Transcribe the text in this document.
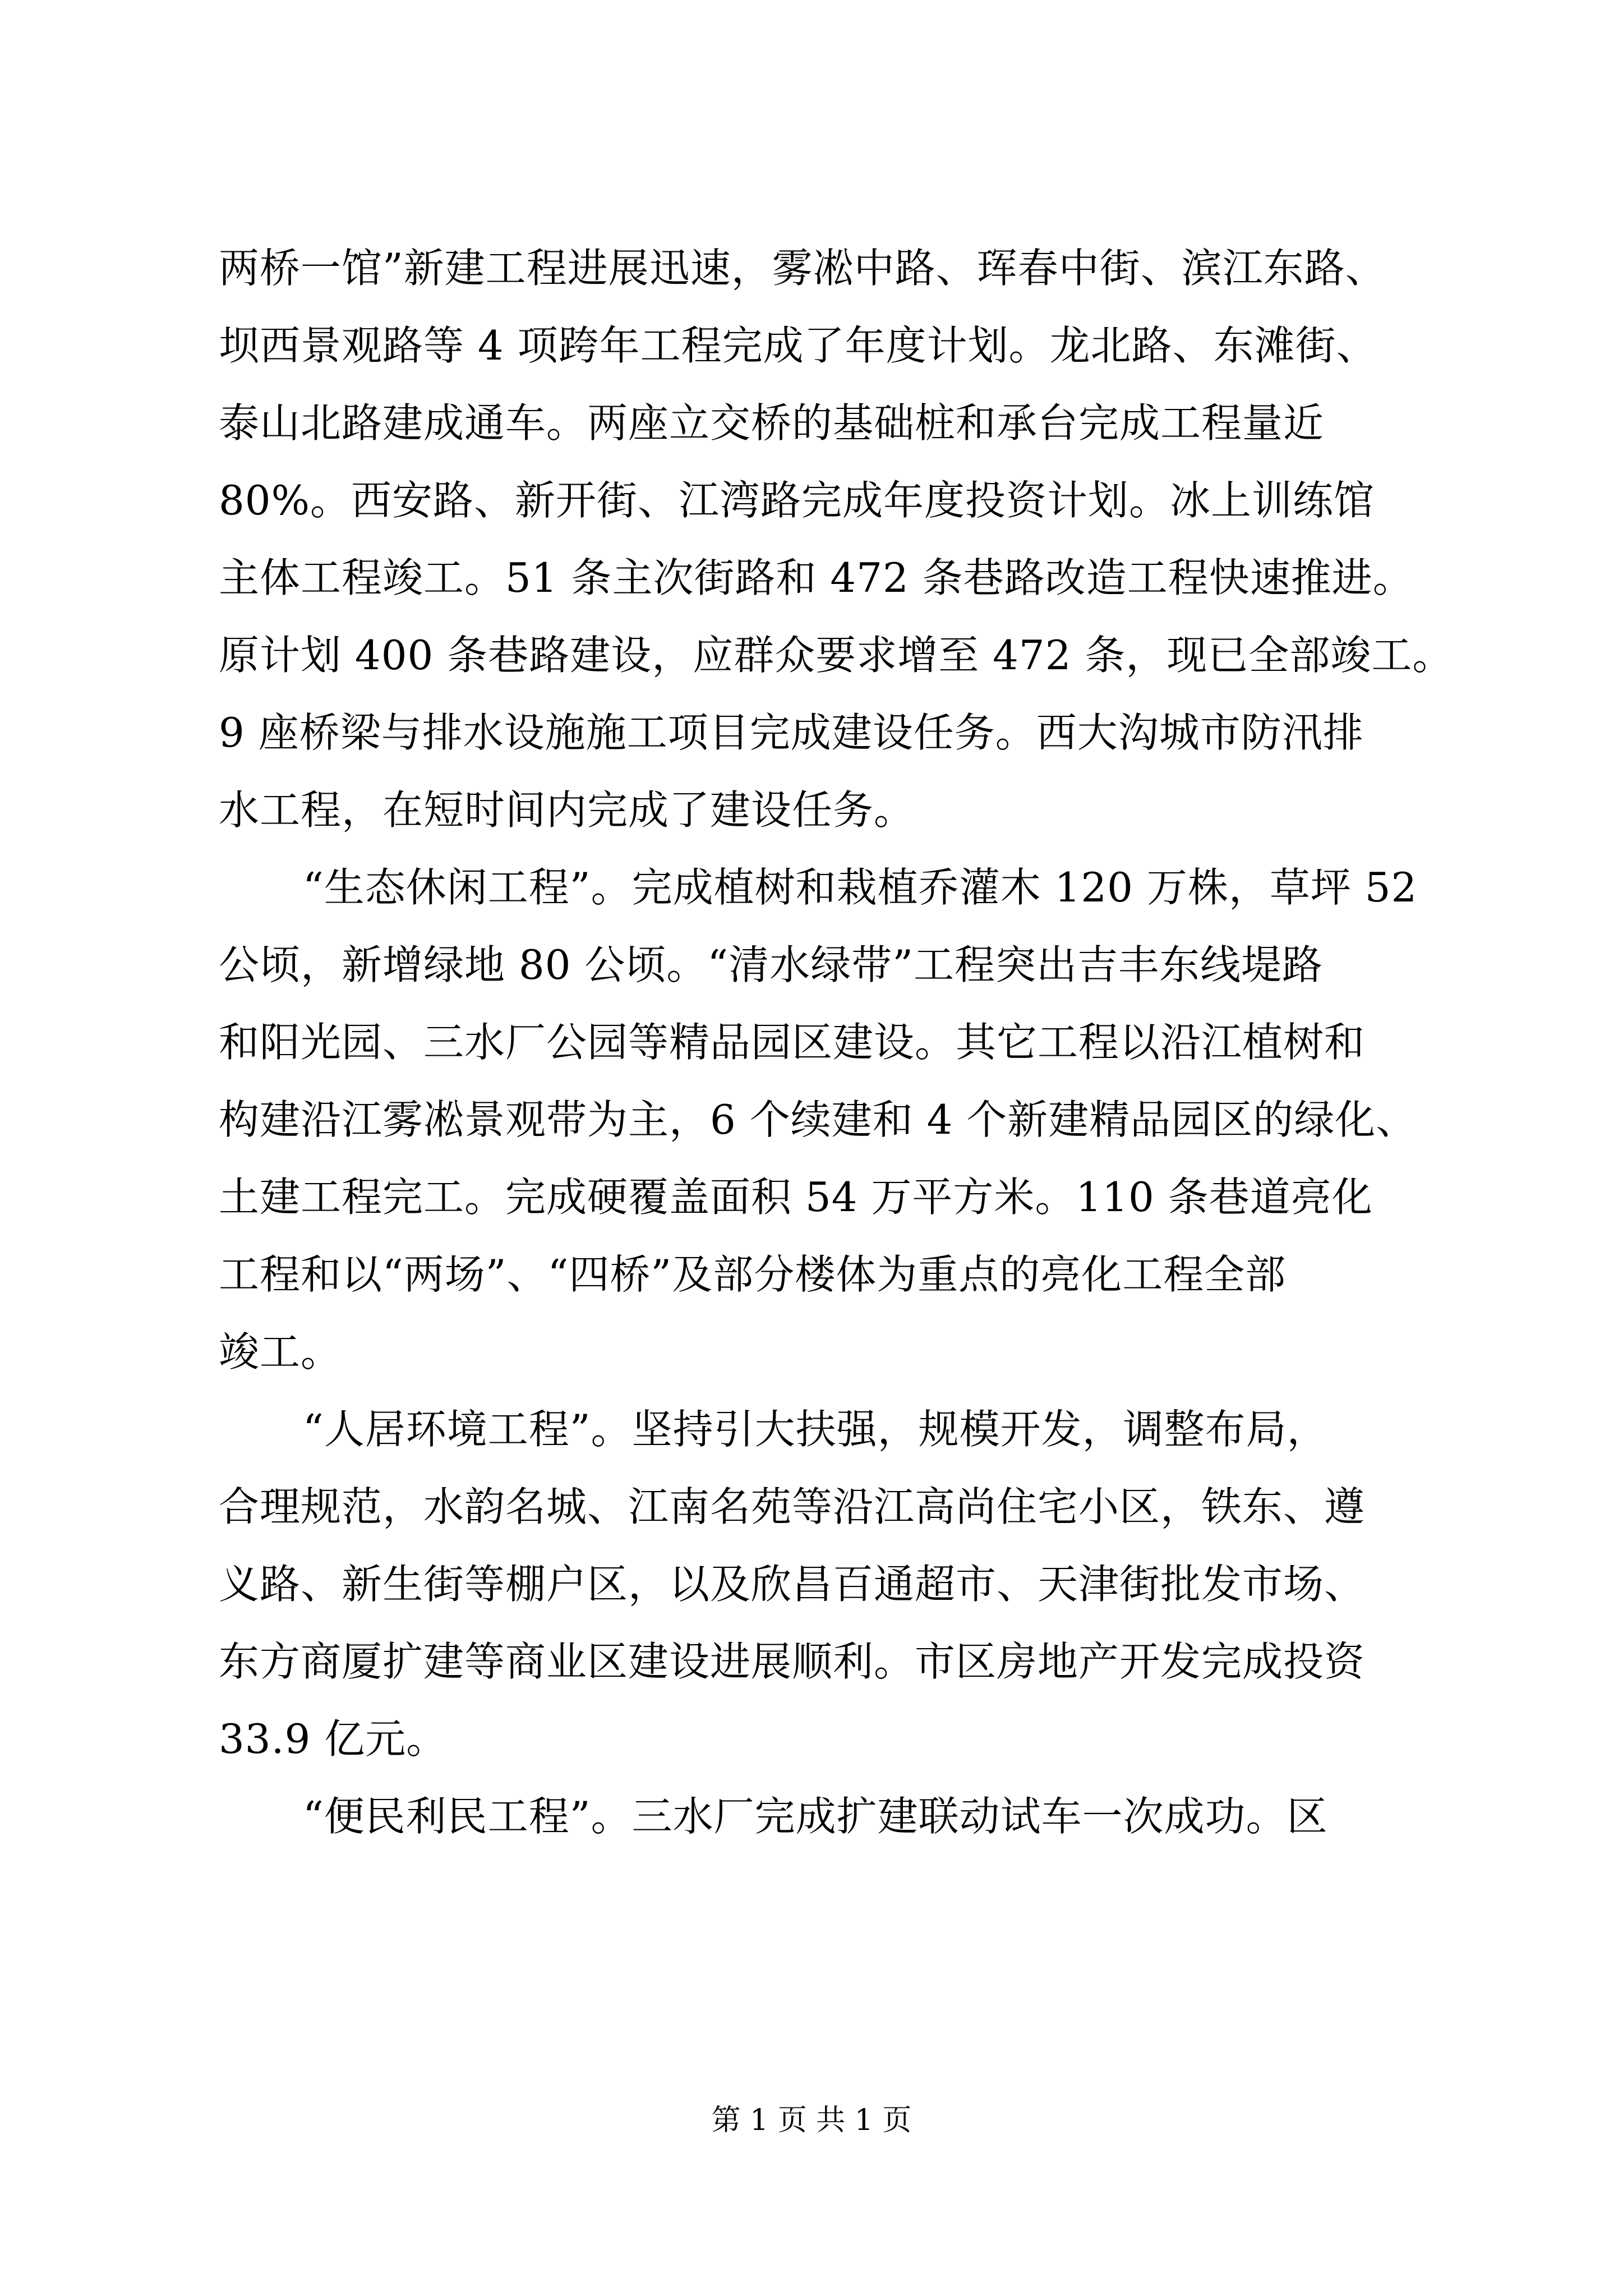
两桥一馆”新建工程进展迅速，雾凇中路、珲春中街、滨江东路、
坝西景观路等 4 项跨年工程完成了年度计划。龙北路、东滩街、
泰山北路建成通车。两座立交桥的基础桩和承台完成工程量近
80%。西安路、新开街、江湾路完成年度投资计划。冰上训练馆
主体工程竣工。51 条主次街路和 472 条巷路改造工程快速推进。
原计划 400 条巷路建设，应群众要求增至 472 条，现已全部竣工。
9 座桥梁与排水设施施工项目完成建设任务。西大沟城市防汛排
水工程，在短时间内完成了建设任务。
“生态休闲工程”。完成植树和栽植乔灌木 120 万株，草坪 52
公顷，新增绿地 80 公顷。“清水绿带”工程突出吉丰东线堤路
和阳光园、三水厂公园等精品园区建设。其它工程以沿江植树和
构建沿江雾凇景观带为主，6 个续建和 4 个新建精品园区的绿化、
土建工程完工。完成硬覆盖面积 54 万平方米。110 条巷道亮化
工程和以“两场”、“四桥”及部分楼体为重点的亮化工程全部
竣工。
“人居环境工程”。坚持引大扶强，规模开发，调整布局，
合理规范，水韵名城、江南名苑等沿江高尚住宅小区，铁东、遵
义路、新生街等棚户区，以及欣昌百通超市、天津街批发市场、
东方商厦扩建等商业区建设进展顺利。市区房地产开发完成投资
33.9 亿元。
“便民利民工程”。三水厂完成扩建联动试车一次成功。区
第 1 页 共 1 页
